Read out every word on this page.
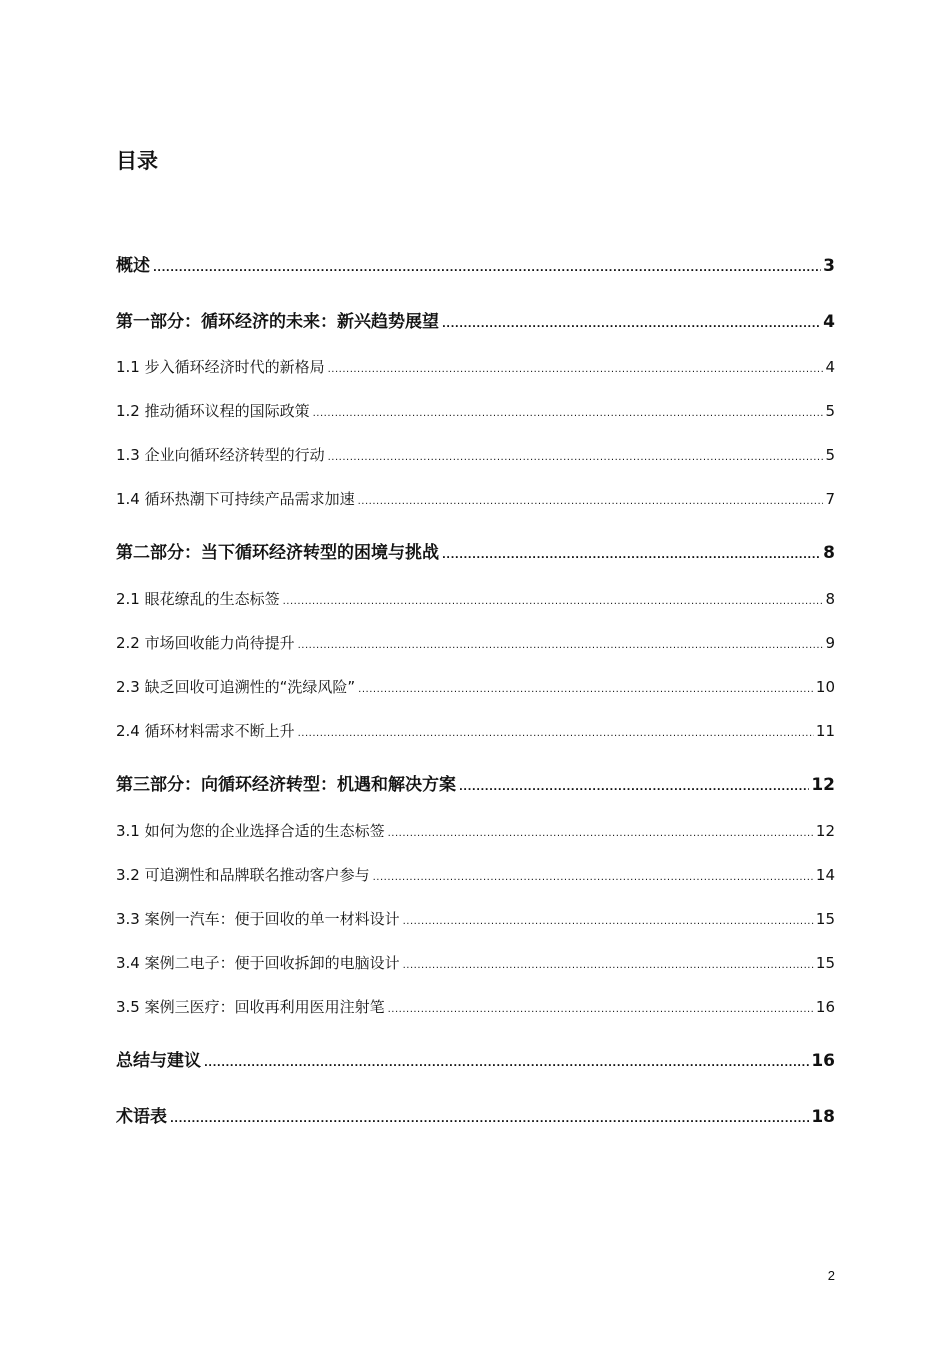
目录
概述 .....	3
第一部分：循环经济的未来：新兴趋势展望 .....	4
1.1 步入循环经济时代的新格局 .....	4
1.2 推动循环议程的国际政策 .....	5
1.3 企业向循环经济转型的行动 .....	5
1.4 循环热潮下可持续产品需求加速 .....	7
第二部分：当下循环经济转型的困境与挑战 .....	8
2.1 眼花缭乱的生态标签 .....	8
2.2 市场回收能力尚待提升 .....	9
2.3 缺乏回收可追溯性的“洗绿风险” .....	10
2.4 循环材料需求不断上升 .....	11
第三部分：向循环经济转型：机遇和解决方案 .....	12
3.1 如何为您的企业选择合适的生态标签 .....	12
3.2 可追溯性和品牌联名推动客户参与 .....	14
3.3 案例一汽车：便于回收的单一材料设计 .....	15
3.4 案例二电子：便于回收拆卸的电脑设计 .....	15
3.5 案例三医疗：回收再利用医用注射笔 .....	16
总结与建议 .....	16
术语表 .....	18
2
